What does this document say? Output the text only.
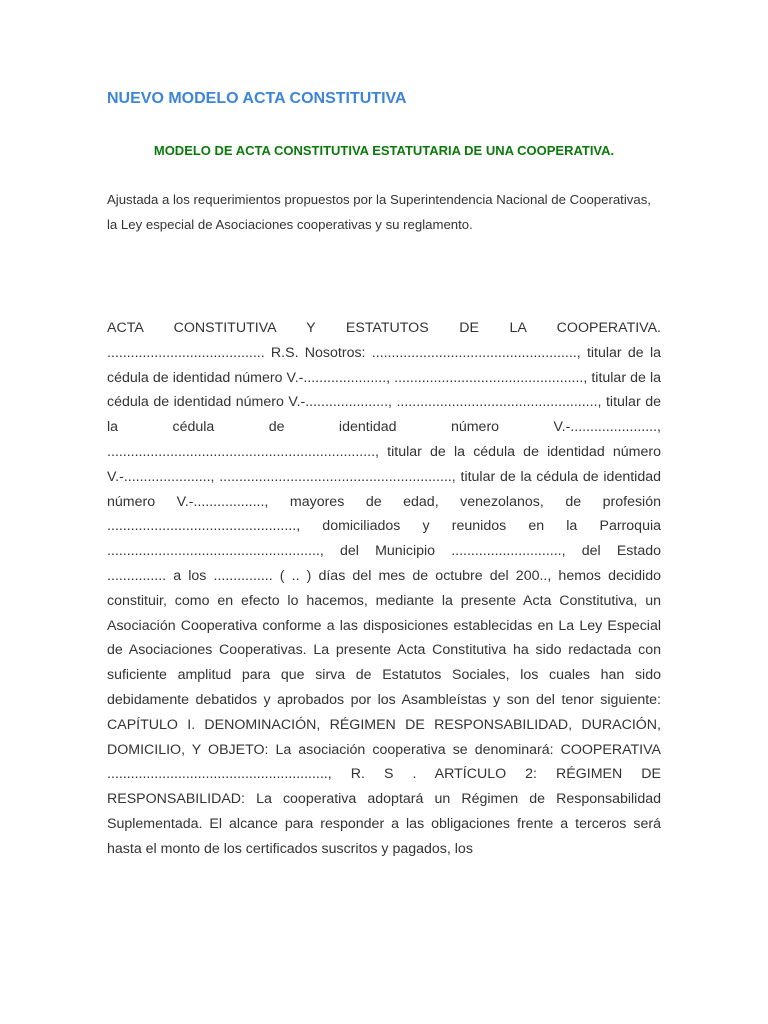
NUEVO MODELO ACTA CONSTITUTIVA
MODELO DE ACTA CONSTITUTIVA ESTATUTARIA DE UNA COOPERATIVA.

Ajustada a los requerimientos propuestos por la Superintendencia Nacional de Cooperativas, la Ley especial de Asociaciones cooperativas y su reglamento.

ACTA CONSTITUTIVA Y ESTATUTOS DE LA COOPERATIVA. ........................................ R.S. Nosotros: ...................................................., titular de la cédula de identidad número V.-....................., ................................................, titular de la cédula de identidad número V.-....................., ..................................................., titular de la cédula de identidad número V.-......................, ...................................................................., titular de la cédula de identidad número V.-......................, ..........................................................., titular de la cédula de identidad número V.-.................., mayores de edad, venezolanos, de profesión ................................................, domiciliados y reunidos en la Parroquia ......................................................, del Municipio ............................, del Estado ............... a los ............... ( .. ) días del mes de octubre del 200.., hemos decidido constituir, como en efecto lo hacemos, mediante la presente Acta Constitutiva, un Asociación Cooperativa conforme a las disposiciones establecidas en La Ley Especial de Asociaciones Cooperativas. La presente Acta Constitutiva ha sido redactada con suficiente amplitud para que sirva de Estatutos Sociales, los cuales han sido debidamente debatidos y aprobados por los Asambleístas y son del tenor siguiente: CAPÍTULO I. DENOMINACIÓN, RÉGIMEN DE RESPONSABILIDAD, DURACIÓN, DOMICILIO, Y OBJETO: La asociación cooperativa se denominará: COOPERATIVA ........................................................, R. S . ARTÍCULO 2: RÉGIMEN DE RESPONSABILIDAD: La cooperativa adoptará un Régimen de Responsabilidad Suplementada. El alcance para responder a las obligaciones frente a terceros será hasta el monto de los certificados suscritos y pagados, los
